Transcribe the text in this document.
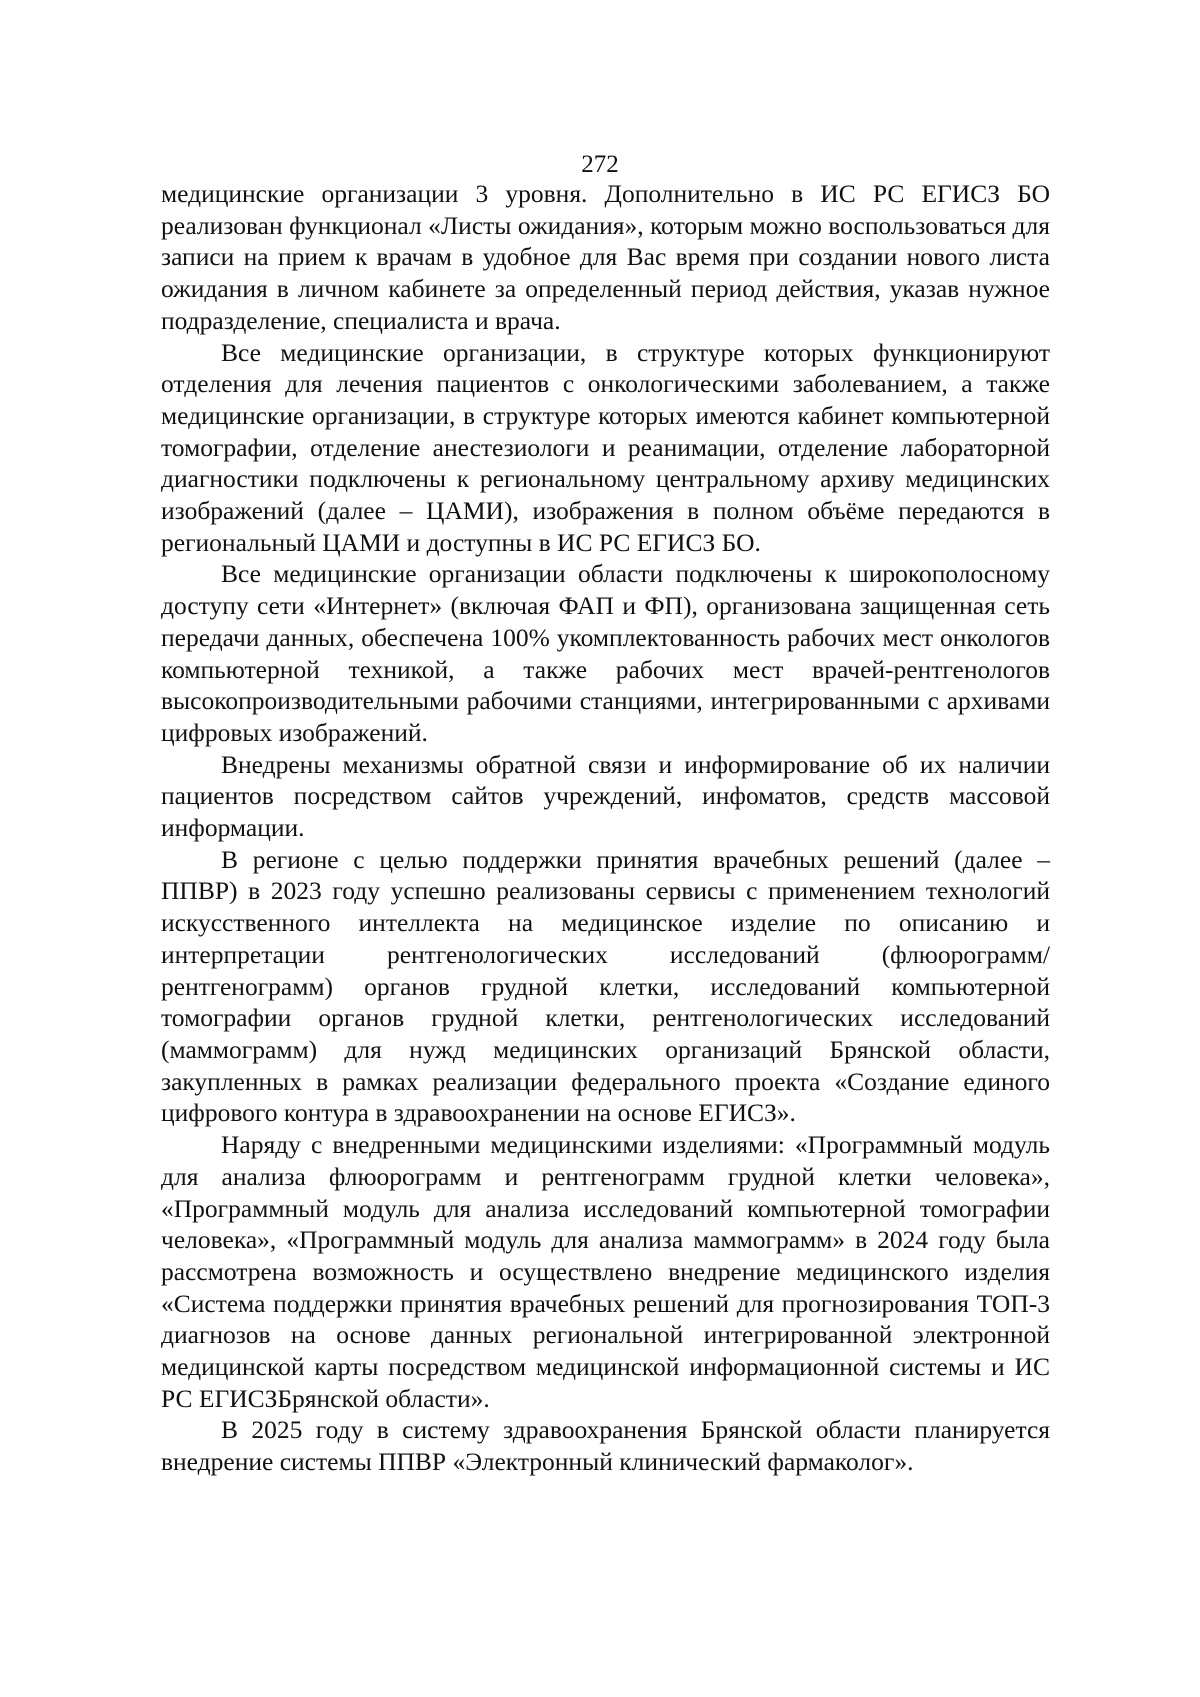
272

медицинские организации 3 уровня. Дополнительно в ИС РС ЕГИСЗ БО реализован функционал «Листы ожидания», которым можно воспользоваться для записи на прием к врачам в удобное для Вас время при создании нового листа ожидания в личном кабинете за определенный период действия, указав нужное подразделение, специалиста и врача.

Все медицинские организации, в структуре которых функционируют отделения для лечения пациентов с онкологическими заболеванием, а также медицинские организации, в структуре которых имеются кабинет компьютерной томографии, отделение анестезиологи и реанимации, отделение лабораторной диагностики подключены к региональному центральному архиву медицинских изображений (далее – ЦАМИ), изображения в полном объёме передаются в региональный ЦАМИ и доступны в ИС РС ЕГИСЗ БО.

Все медицинские организации области подключены к широкополосному доступу сети «Интернет» (включая ФАП и ФП), организована защищенная сеть передачи данных, обеспечена 100% укомплектованность рабочих мест онкологов компьютерной техникой, а также рабочих мест врачей-рентгенологов высокопроизводительными рабочими станциями, интегрированными с архивами цифровых изображений.

Внедрены механизмы обратной связи и информирование об их наличии пациентов посредством сайтов учреждений, инфоматов, средств массовой информации.

В регионе с целью поддержки принятия врачебных решений (далее – ППВР) в 2023 году успешно реализованы сервисы с применением технологий искусственного интеллекта на медицинское изделие по описанию и интерпретации рентгенологических исследований (флюорограмм/рентгенограмм) органов грудной клетки, исследований компьютерной томографии органов грудной клетки, рентгенологических исследований (маммограмм) для нужд медицинских организаций Брянской области, закупленных в рамках реализации федерального проекта «Создание единого цифрового контура в здравоохранении на основе ЕГИСЗ».

Наряду с внедренными медицинскими изделиями: «Программный модуль для анализа флюорограмм и рентгенограмм грудной клетки человека», «Программный модуль для анализа исследований компьютерной томографии человека», «Программный модуль для анализа маммограмм» в 2024 году была рассмотрена возможность и осуществлено внедрение медицинского изделия «Система поддержки принятия врачебных решений для прогнозирования ТОП-3 диагнозов на основе данных региональной интегрированной электронной медицинской карты посредством медицинской информационной системы и ИС РС ЕГИСЗБрянской области».

В 2025 году в систему здравоохранения Брянской области планируется внедрение системы ППВР «Электронный клинический фармаколог».
